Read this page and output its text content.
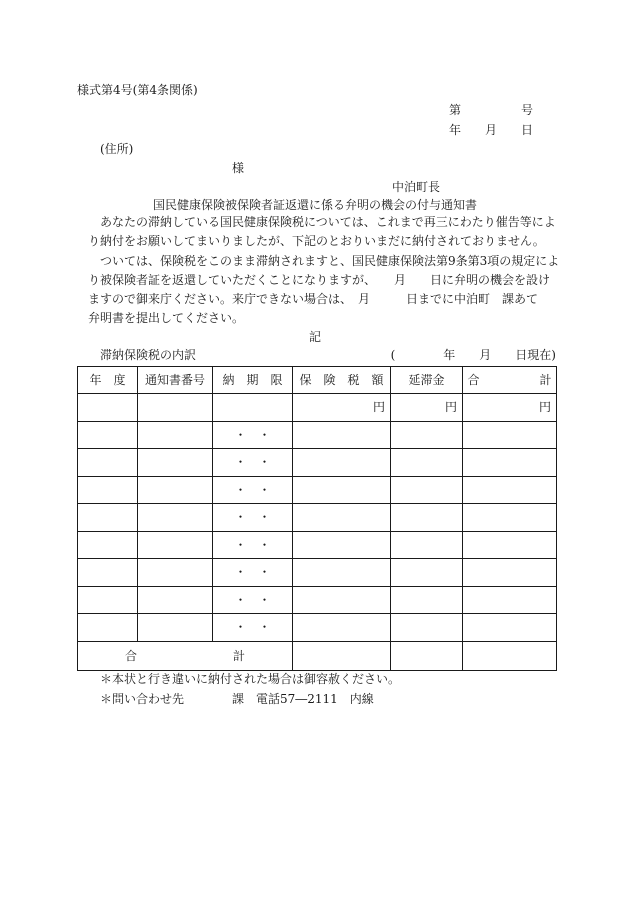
様式第4号(第4条関係)
第　　　　　号
年　　月　　日
(住所)
様
中泊町長
国民健康保険被保険者証返還に係る弁明の機会の付与通知書
あなたの滞納している国民健康保険税については、これまで再三にわたり催告等によ
り納付をお願いしてまいりましたが、下記のとおりいまだに納付されておりません。
ついては、保険税をこのまま滞納されますと、国民健康保険法第9条第3項の規定によ
り被保険者証を返還していただくことになりますが、　　月　　日に弁明の機会を設け
ますので御来庁ください。来庁できない場合は、　月　　　日までに中泊町　課あて
弁明書を提出してください。
記
滞納保険税の内訳	(　　　　年　　月　　日現在)
年　度	通知書番号	納　期　限	保　険　税　額	延滞金	合　　　　　計
			円	円	円
		・　・			
		・　・			
		・　・			
		・　・			
		・　・			
		・　・			
		・　・			
		・　・			
合　　　　　　　　計					
＊本状と行き違いに納付された場合は御容赦ください。
＊問い合わせ先　　　　課　電話57―2111　内線
